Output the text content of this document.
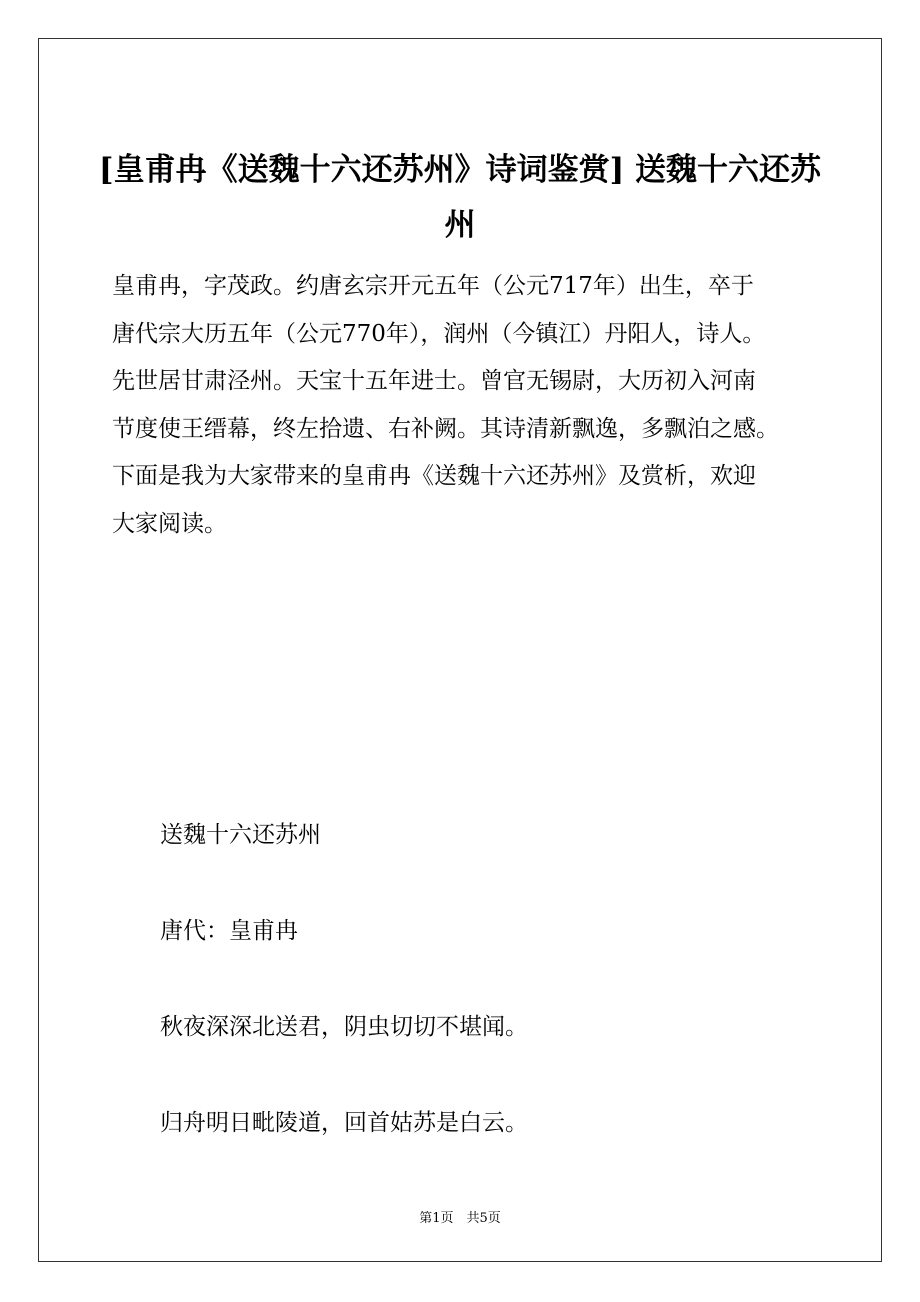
[皇甫冉《送魏十六还苏州》诗词鉴赏] 送魏十六还苏州

皇甫冉，字茂政。约唐玄宗开元五年（公元717年）出生，卒于

唐代宗大历五年（公元770年），润州（今镇江）丹阳人，诗人。

先世居甘肃泾州。天宝十五年进士。曾官无锡尉，大历初入河南

节度使王缙幕，终左拾遗、右补阙。其诗清新飘逸，多飘泊之感。

下面是我为大家带来的皇甫冉《送魏十六还苏州》及赏析，欢迎

大家阅读。

送魏十六还苏州
唐代：皇甫冉
秋夜深深北送君，阴虫切切不堪闻。
归舟明日毗陵道，回首姑苏是白云。
第1页　共5页
